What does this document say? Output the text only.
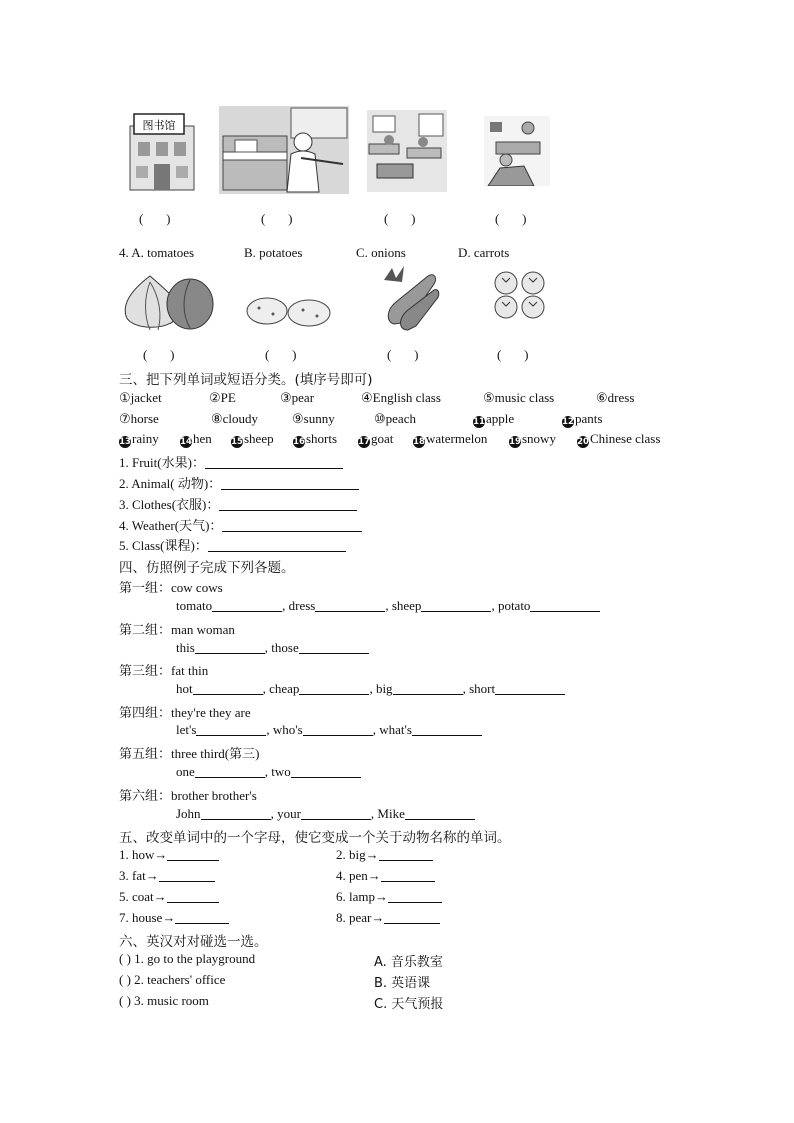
图书馆
(       )	(       )	(       )	(       )
4. A. tomatoes	B. potatoes	C. onions	D. carrots
(       )	(       )	(       )	(       )
三、把下列单词或短语分类。(填序号即可)
①jacket	②PE	③pear	④English class	⑤music class	⑥dress
⑦horse	⑧cloudy	⑨sunny	⑩peach	11apple	12pants
13rainy	14hen 15sheep 16shorts 17goat 18watermelon	19snowy 20Chinese class
1. Fruit(水果)：
2. Animal( 动物)：
3. Clothes(衣服)：
4. Weather(天气)：
5. Class(课程)：
四、仿照例子完成下列各题。
第一组：cow cows
tomato	, dress	, sheep	, potato
第二组：man woman
this	, those
第三组：fat thin
hot	, cheap	, big	, short
第四组：they're they are
let's	, who's	, what's
第五组：three third(第三)
one	, two
第六组：brother brother's
John	, your	, Mike
五、改变单词中的一个字母，使它变成一个关于动物名称的单词。
1. how→	2. big→
3. fat→	4. pen→
5. coat→	6. lamp→
7. house→	8. pear→
六、英汉对对碰选一选。
( ) 1. go to the playground
( ) 2. teachers' office
( ) 3. music room
A. 音乐教室
B. 英语课
C. 天气预报
